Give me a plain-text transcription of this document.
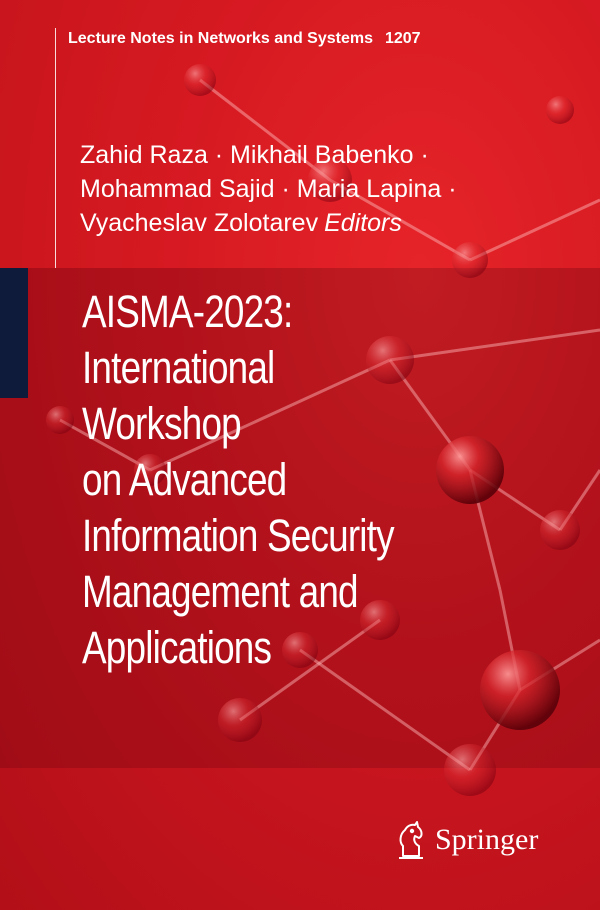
Lecture Notes in Networks and Systems 1207
Zahid Raza · Mikhail Babenko ·
Mohammad Sajid · Maria Lapina ·
Vyacheslav Zolotarev Editors
AISMA-2023:
International
Workshop
on Advanced
Information Security
Management and
Applications
Springer
